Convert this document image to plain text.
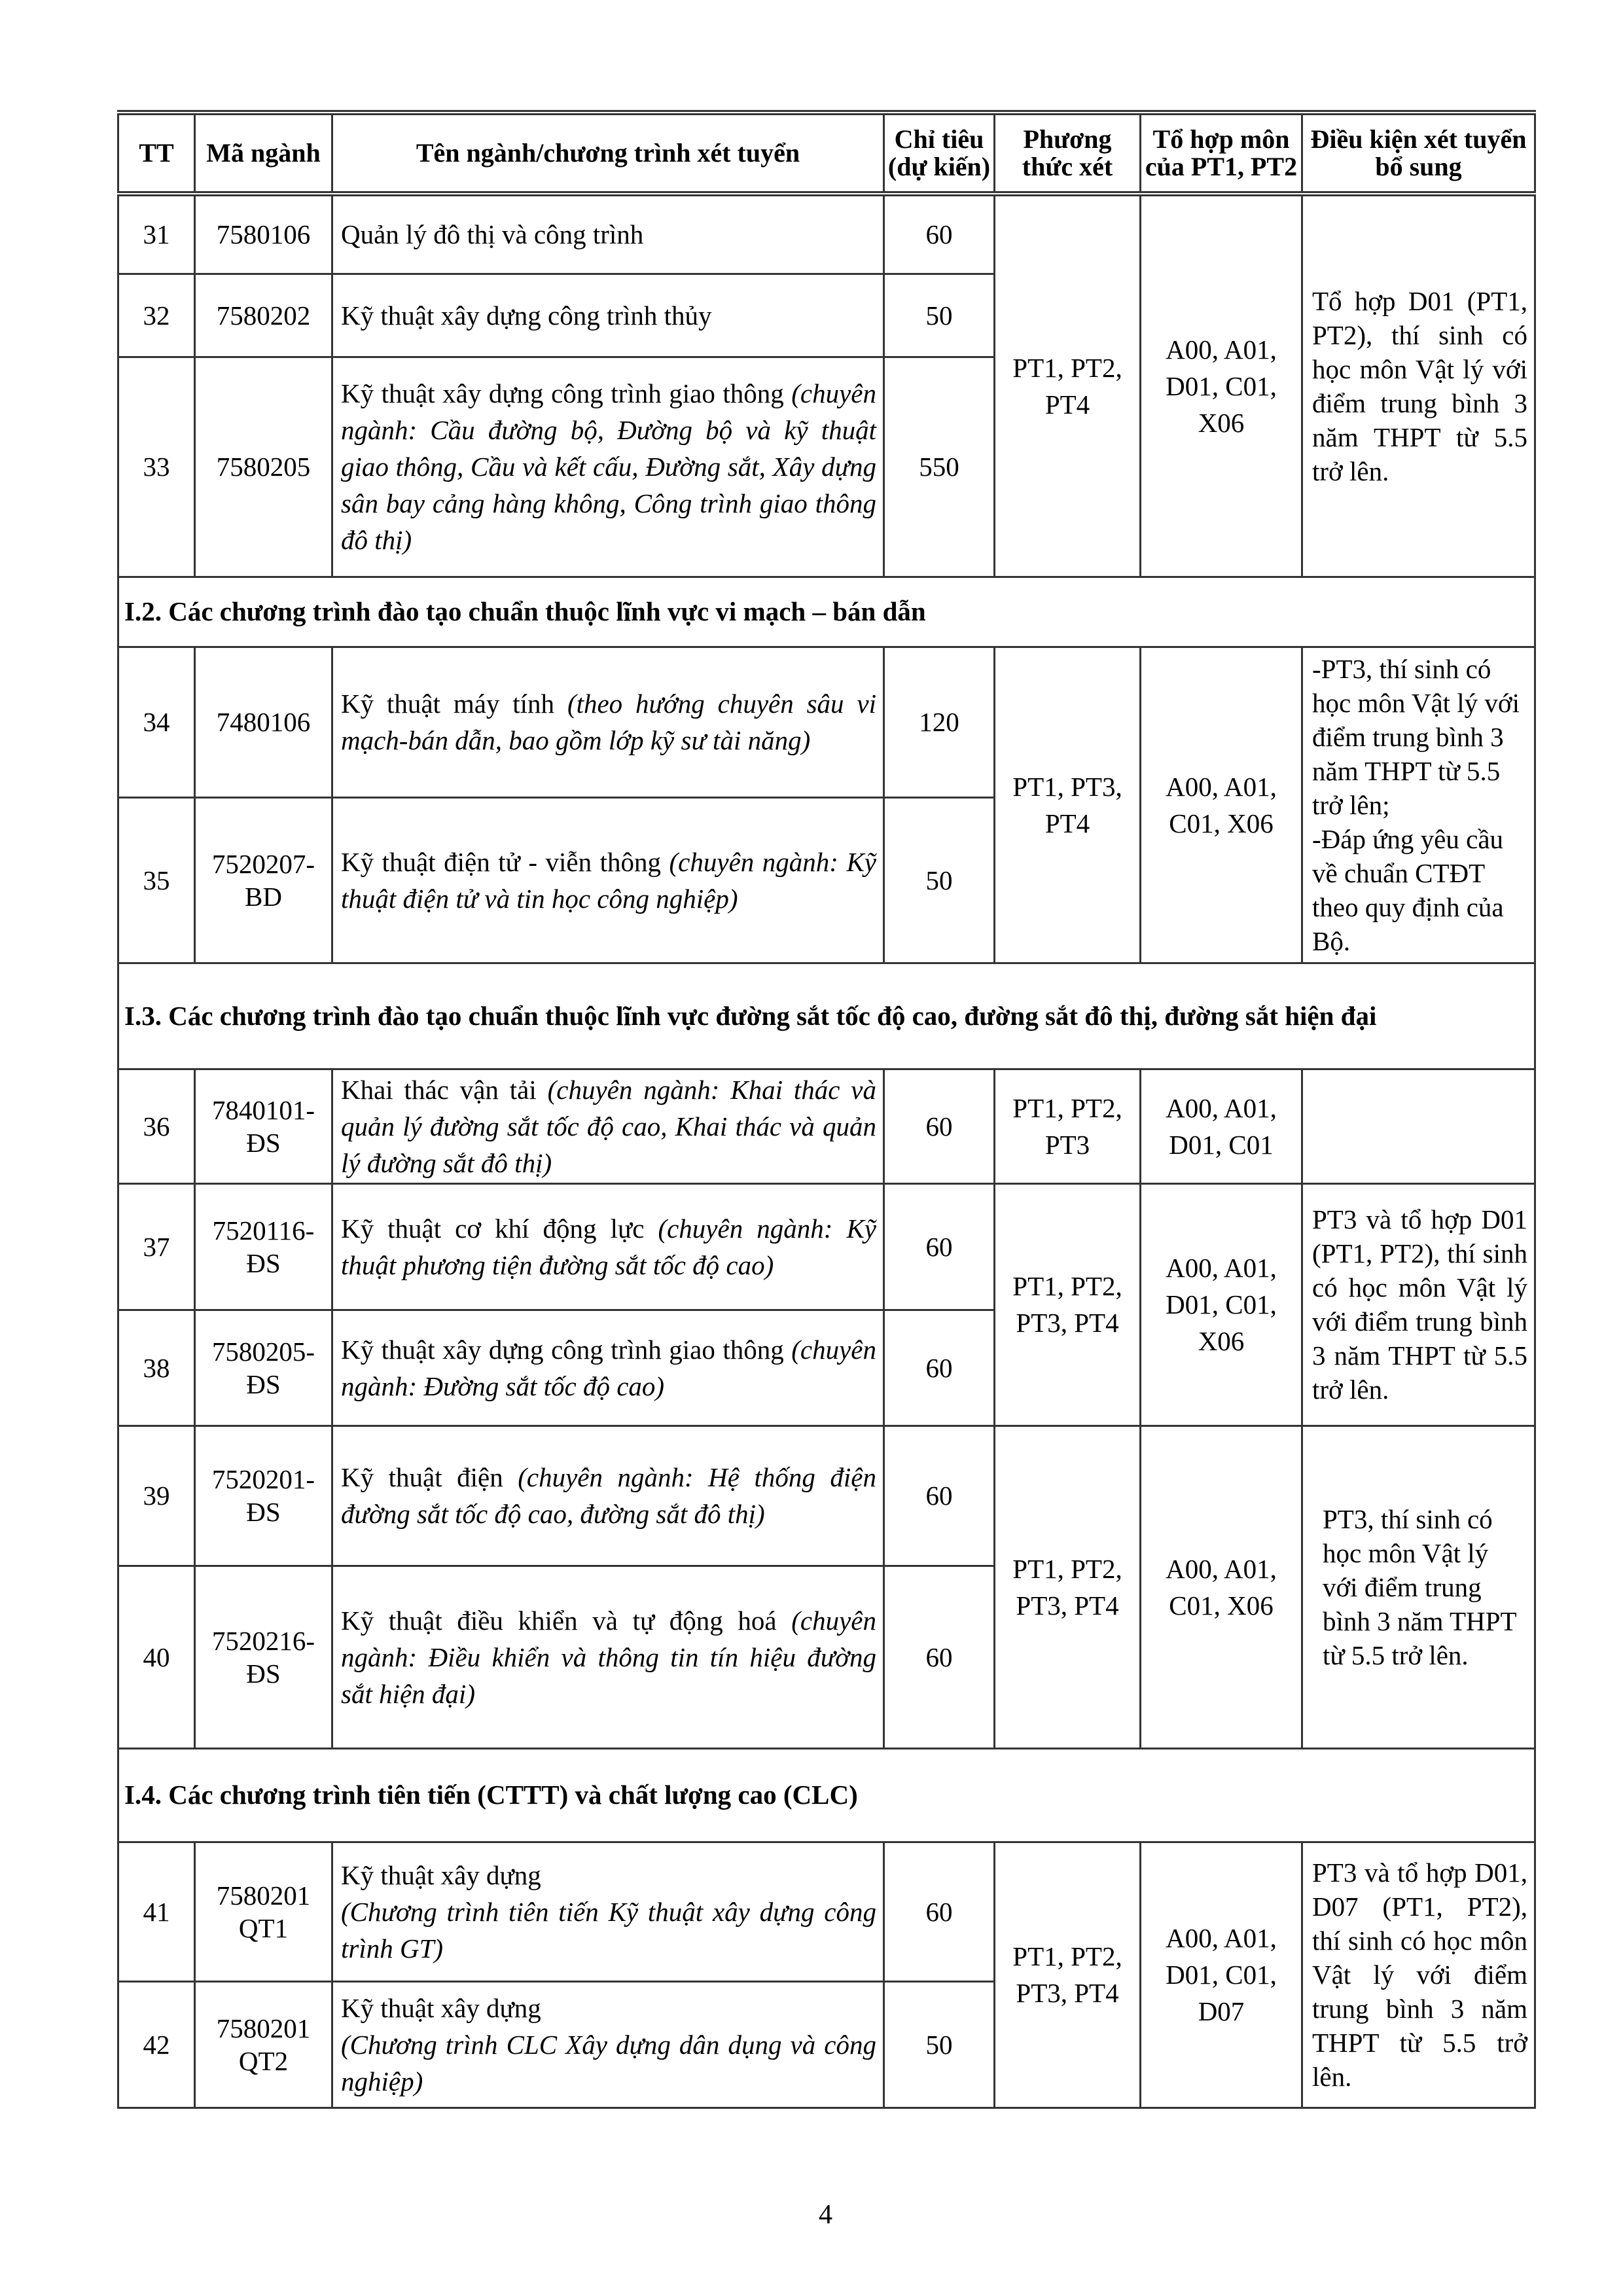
TT	Mã ngành	Tên ngành/chương trình xét tuyển	Chỉ tiêu (dự kiến)	Phương thức xét	Tổ hợp môn của PT1, PT2	Điều kiện xét tuyển bổ sung
31	7580106	Quản lý đô thị và công trình	60	PT1, PT2, PT4	A00, A01, D01, C01, X06	Tổ hợp D01 (PT1, PT2), thí sinh có học môn Vật lý với điểm trung bình 3 năm THPT từ 5.5 trở lên.
32	7580202	Kỹ thuật xây dựng công trình thủy	50			
33	7580205	Kỹ thuật xây dựng công trình giao thông (chuyên ngành: Cầu đường bộ, Đường bộ và kỹ thuật giao thông, Cầu và kết cấu, Đường sắt, Xây dựng sân bay cảng hàng không, Công trình giao thông đô thị)	550			
I.2. Các chương trình đào tạo chuẩn thuộc lĩnh vực vi mạch – bán dẫn						
34	7480106	Kỹ thuật máy tính (theo hướng chuyên sâu vi mạch-bán dẫn, bao gồm lớp kỹ sư tài năng)	120	PT1, PT3, PT4	A00, A01, C01, X06	-PT3, thí sinh có học môn Vật lý với điểm trung bình 3 năm THPT từ 5.5 trở lên;
-Đáp ứng yêu cầu về chuẩn CTĐT theo quy định của Bộ.

35	7520207-BD	Kỹ thuật điện tử - viễn thông (chuyên ngành: Kỹ thuật điện tử và tin học công nghiệp)	50			
I.3. Các chương trình đào tạo chuẩn thuộc lĩnh vực đường sắt tốc độ cao, đường sắt đô thị, đường sắt hiện đại						
36	7840101-ĐS	Khai thác vận tải (chuyên ngành: Khai thác và quản lý đường sắt tốc độ cao, Khai thác và quản lý đường sắt đô thị)	60	PT1, PT2, PT3	A00, A01, D01, C01	
37	7520116-ĐS	Kỹ thuật cơ khí động lực (chuyên ngành: Kỹ thuật phương tiện đường sắt tốc độ cao)	60	PT1, PT2, PT3, PT4	A00, A01, D01, C01, X06	PT3 và tổ hợp D01 (PT1, PT2), thí sinh có học môn Vật lý với điểm trung bình 3 năm THPT từ 5.5 trở lên.
38	7580205-ĐS	Kỹ thuật xây dựng công trình giao thông (chuyên ngành: Đường sắt tốc độ cao)	60			
39	7520201-ĐS	Kỹ thuật điện (chuyên ngành: Hệ thống điện đường sắt tốc độ cao, đường sắt đô thị)	60	PT1, PT2, PT3, PT4	A00, A01, C01, X06	PT3, thí sinh có học môn Vật lý với điểm trung bình 3 năm THPT từ 5.5 trở lên.
40	7520216-ĐS	Kỹ thuật điều khiển và tự động hoá (chuyên ngành: Điều khiển và thông tin tín hiệu đường sắt hiện đại)	60			
I.4. Các chương trình tiên tiến (CTTT) và chất lượng cao (CLC)						
41	7580201 QT1	Kỹ thuật xây dựng
(Chương trình tiên tiến Kỹ thuật xây dựng công trình GT)	60	PT1, PT2, PT3, PT4	A00, A01, D01, C01, D07	PT3 và tổ hợp D01, D07 (PT1, PT2), thí sinh có học môn Vật lý với điểm trung bình 3 năm THPT từ 5.5 trở lên.
42	7580201 QT2	Kỹ thuật xây dựng
(Chương trình CLC Xây dựng dân dụng và công nghiệp)	50			
4
